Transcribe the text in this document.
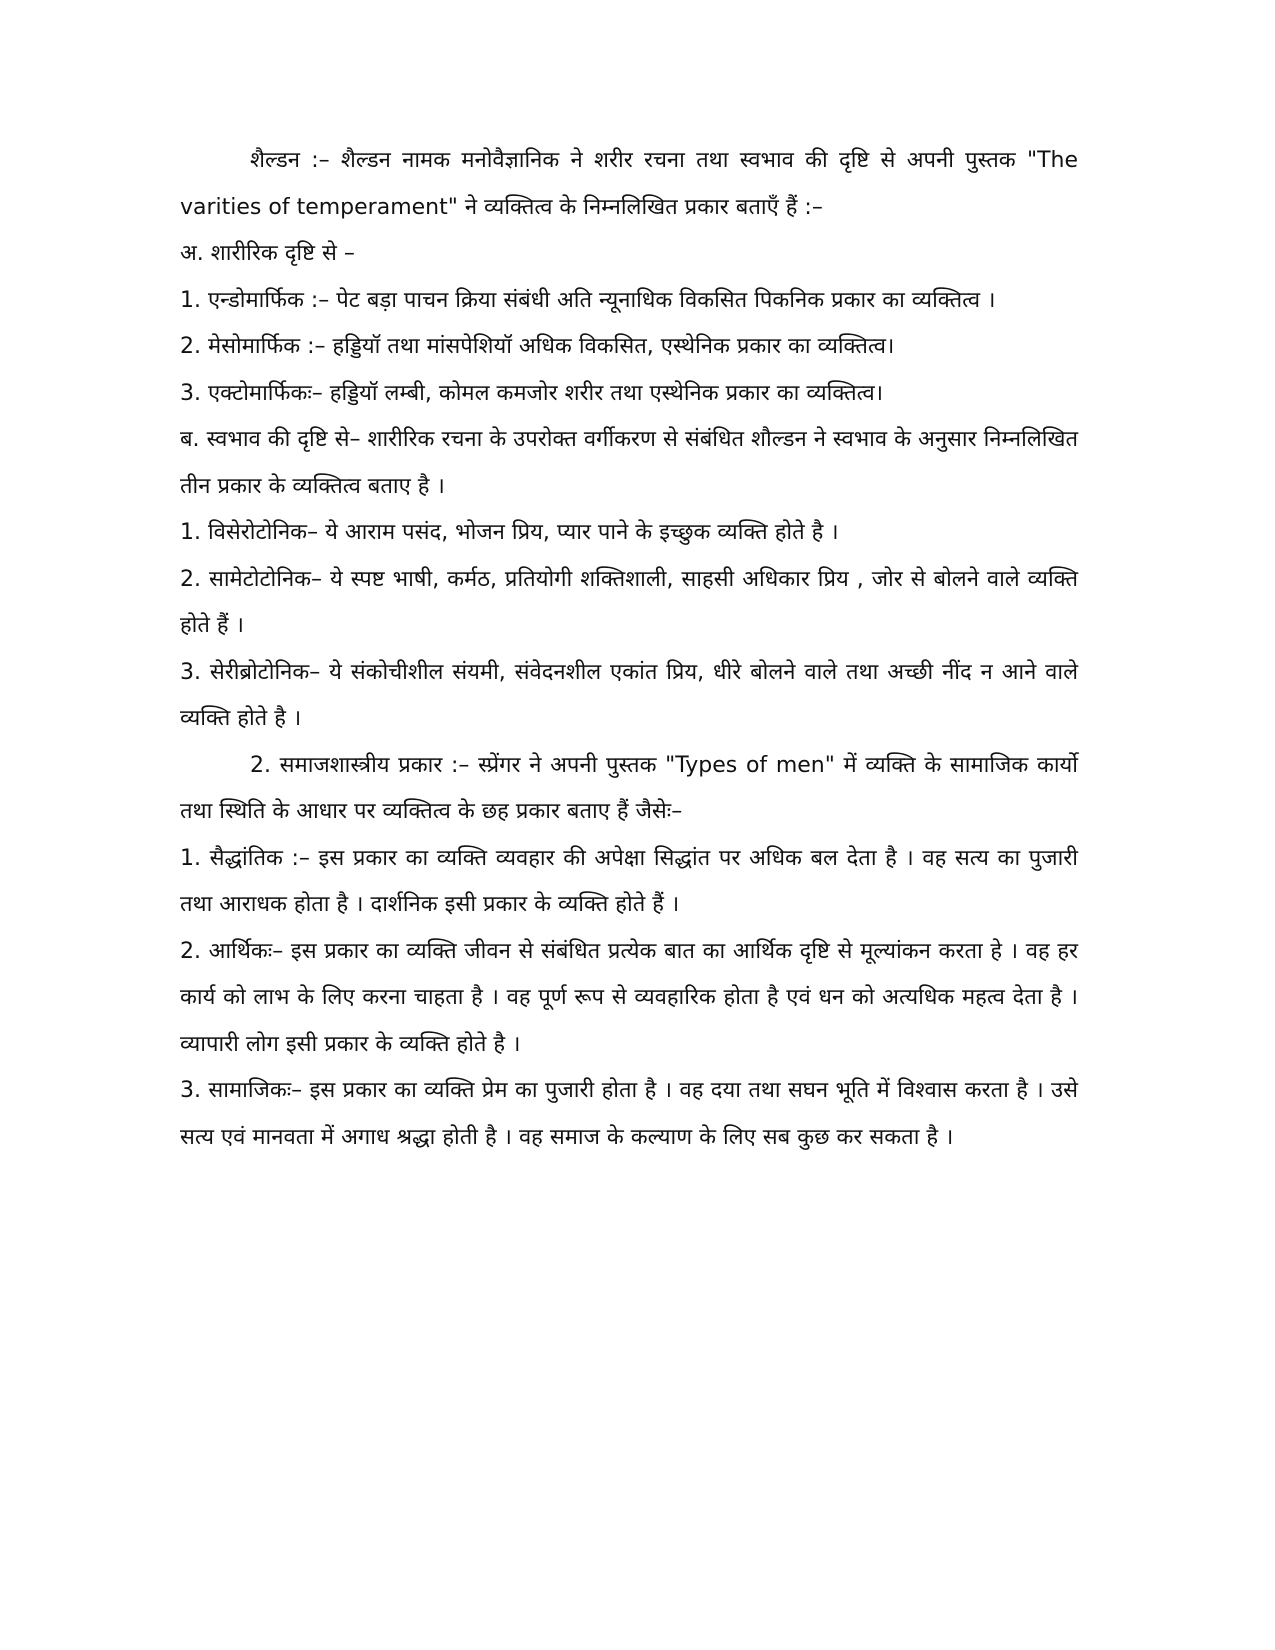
शैल्डन :– शैल्डन नामक मनोवैज्ञानिक ने शरीर रचना तथा स्वभाव की दृष्टि से अपनी पुस्तक "The varities of temperament" ने व्यक्तित्व के निम्नलिखित प्रकार बताएँ हैं :–

अ. शारीरिक दृष्टि से –

1. एन्डोमार्फिक :– पेट बड़ा पाचन क्रिया संबंधी अति न्यूनाधिक विकसित पिकनिक प्रकार का व्यक्तित्व ।

2. मेसोमार्फिक :– हड्डियॉ तथा मांसपेशियॉ अधिक विकसित, एस्थेनिक प्रकार का व्यक्तित्व।

3. एक्टोमार्फिकः– हड्डियॉ लम्बी, कोमल कमजोर शरीर तथा एस्थेनिक प्रकार का व्यक्तित्व।

ब. स्वभाव की दृष्टि से– शारीरिक रचना के उपरोक्त वर्गीकरण से संबंधित शौल्डन ने स्वभाव के अनुसार निम्नलिखित तीन प्रकार के व्यक्तित्व बताए है ।

1. विसेरोटोनिक– ये आराम पसंद, भोजन प्रिय, प्यार पाने के इच्छुक व्यक्ति होते है ।

2. सामेटोटोनिक– ये स्पष्ट भाषी, कर्मठ, प्रतियोगी शक्तिशाली, साहसी अधिकार प्रिय , जोर से बोलने वाले व्यक्ति होते हैं ।

3. सेरीब्रोटोनिक– ये संकोचीशील संयमी, संवेदनशील एकांत प्रिय, धीरे बोलने वाले तथा अच्छी नींद न आने वाले व्यक्ति होते है ।

2. समाजशास्त्रीय प्रकार :– स्प्रेंगर ने अपनी पुस्तक "Types of men" में व्यक्ति के सामाजिक कार्यो तथा स्थिति के आधार पर व्यक्तित्व के छह प्रकार बताए हैं जैसेः–

1. सैद्धांतिक :– इस प्रकार का व्यक्ति व्यवहार की अपेक्षा सिद्धांत पर अधिक बल देता है । वह सत्य का पुजारी तथा आराधक होता है । दार्शनिक इसी प्रकार के व्यक्ति होते हैं ।

2. आर्थिकः– इस प्रकार का व्यक्ति जीवन से संबंधित प्रत्येक बात का आर्थिक दृष्टि से मूल्यांकन करता हे । वह हर कार्य को लाभ के लिए करना चाहता है । वह पूर्ण रूप से व्यवहारिक होता है एवं धन को अत्यधिक महत्व देता है । व्यापारी लोग इसी प्रकार के व्यक्ति होते है ।

3. सामाजिकः– इस प्रकार का व्यक्ति प्रेम का पुजारी होता है । वह दया तथा सघन भूति में विश्वास करता है । उसे सत्य एवं मानवता में अगाध श्रद्धा होती है । वह समाज के कल्याण के लिए सब कुछ कर सकता है ।
